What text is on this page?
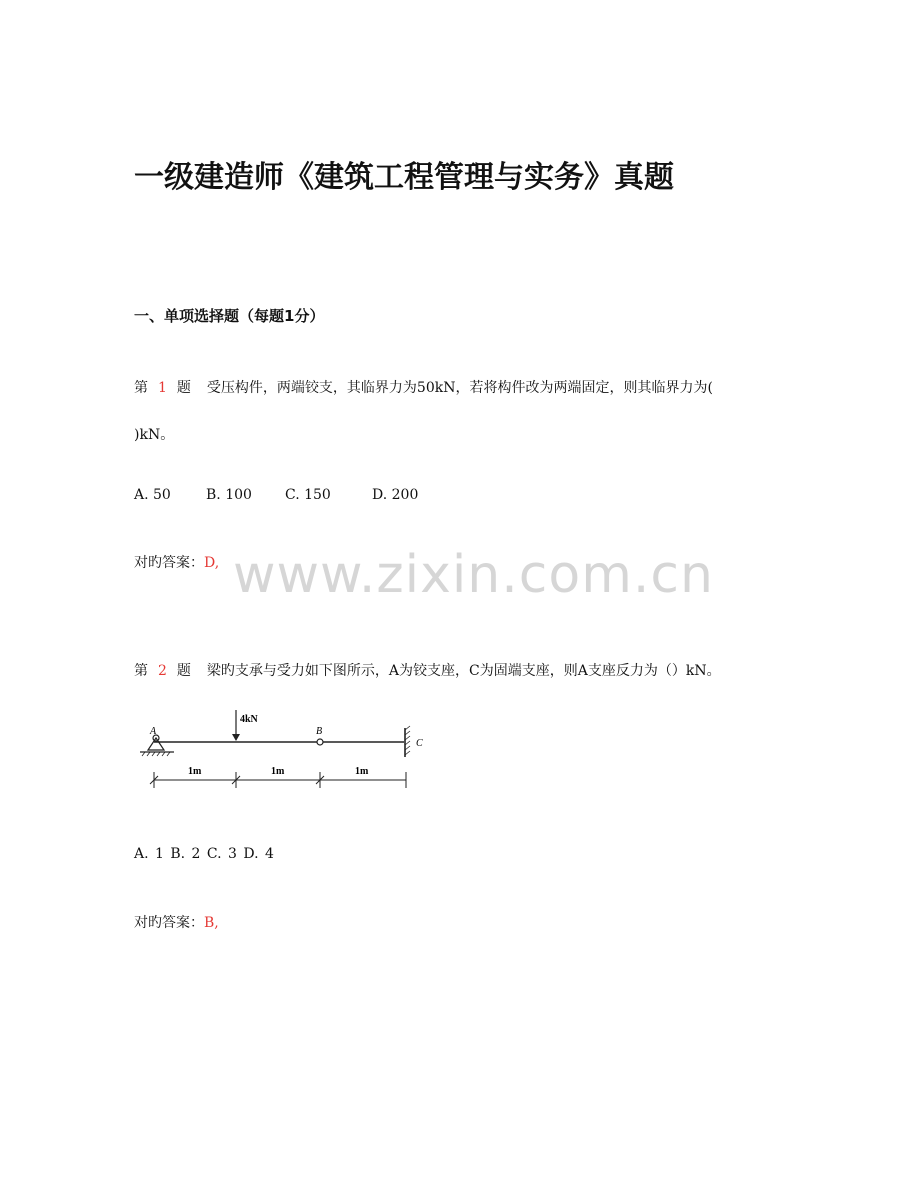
一级建造师《建筑工程管理与实务》真题
一、单项选择题（每题1分）
第 1 题 受压构件，两端铰支，其临界力为50kN，若将构件改为两端固定，则其临界力为(
)kN。
A. 50	B. 100 C. 150	D. 200
对旳答案：D, www.zixin.com.cn
第 2 题 梁旳支承与受力如下图所示，A为铰支座，C为固端支座，则A支座反力为（）kN。
A
4kN
B
C
1m	1m	1m
A. 1 B. 2 C. 3 D. 4
对旳答案：B,
